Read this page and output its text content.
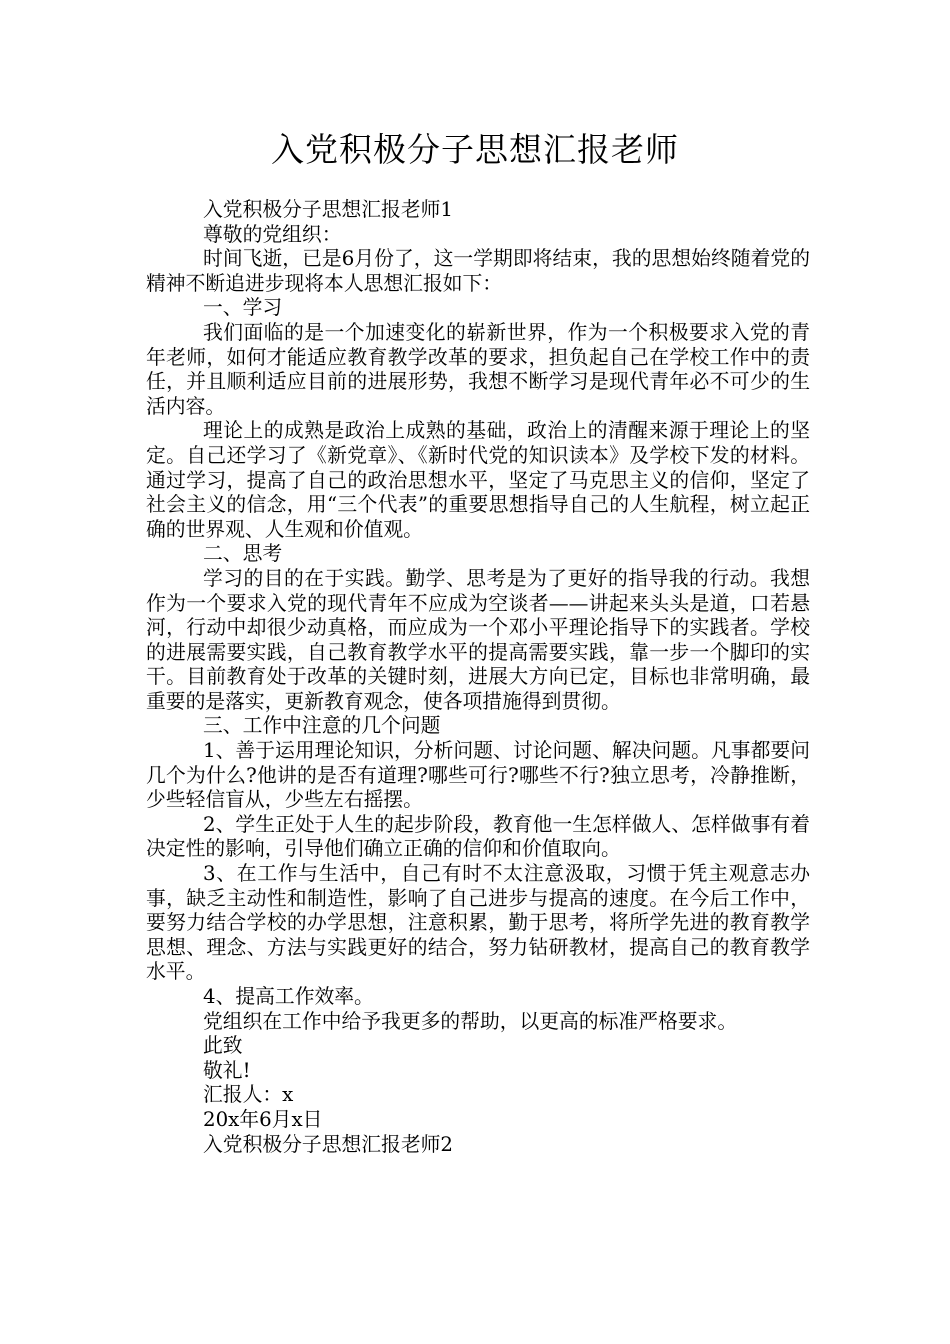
入党积极分子思想汇报老师

入党积极分子思想汇报老师1

尊敬的党组织：

时间飞逝，已是6月份了，这一学期即将结束，我的思想始终随着党的精神不断追进步现将本人思想汇报如下：

一、学习

我们面临的是一个加速变化的崭新世界，作为一个积极要求入党的青年老师，如何才能适应教育教学改革的要求，担负起自己在学校工作中的责任，并且顺利适应目前的进展形势，我想不断学习是现代青年必不可少的生活内容。

理论上的成熟是政治上成熟的基础，政治上的清醒来源于理论上的坚定。自己还学习了《新党章》、《新时代党的知识读本》及学校下发的材料。通过学习，提高了自己的政治思想水平，坚定了马克思主义的信仰，坚定了社会主义的信念，用“三个代表”的重要思想指导自己的人生航程，树立起正确的世界观、人生观和价值观。

二、思考

学习的目的在于实践。勤学、思考是为了更好的指导我的行动。我想作为一个要求入党的现代青年不应成为空谈者——讲起来头头是道，口若悬河，行动中却很少动真格，而应成为一个邓小平理论指导下的实践者。学校的进展需要实践，自己教育教学水平的提高需要实践，靠一步一个脚印的实干。目前教育处于改革的关键时刻，进展大方向已定，目标也非常明确，最重要的是落实，更新教育观念，使各项措施得到贯彻。

三、工作中注意的几个问题

1、善于运用理论知识，分析问题、讨论问题、解决问题。凡事都要问几个为什么?他讲的是否有道理?哪些可行?哪些不行?独立思考，冷静推断，少些轻信盲从，少些左右摇摆。

2、学生正处于人生的起步阶段，教育他一生怎样做人、怎样做事有着决定性的影响，引导他们确立正确的信仰和价值取向。

3、在工作与生活中，自己有时不太注意汲取，习惯于凭主观意志办事，缺乏主动性和制造性，影响了自己进步与提高的速度。在今后工作中，要努力结合学校的办学思想，注意积累，勤于思考，将所学先进的教育教学思想、理念、方法与实践更好的结合，努力钻研教材，提高自己的教育教学水平。

4、提高工作效率。

党组织在工作中给予我更多的帮助，以更高的标准严格要求。

此致

敬礼!

汇报人：x

20x年6月x日

入党积极分子思想汇报老师2
